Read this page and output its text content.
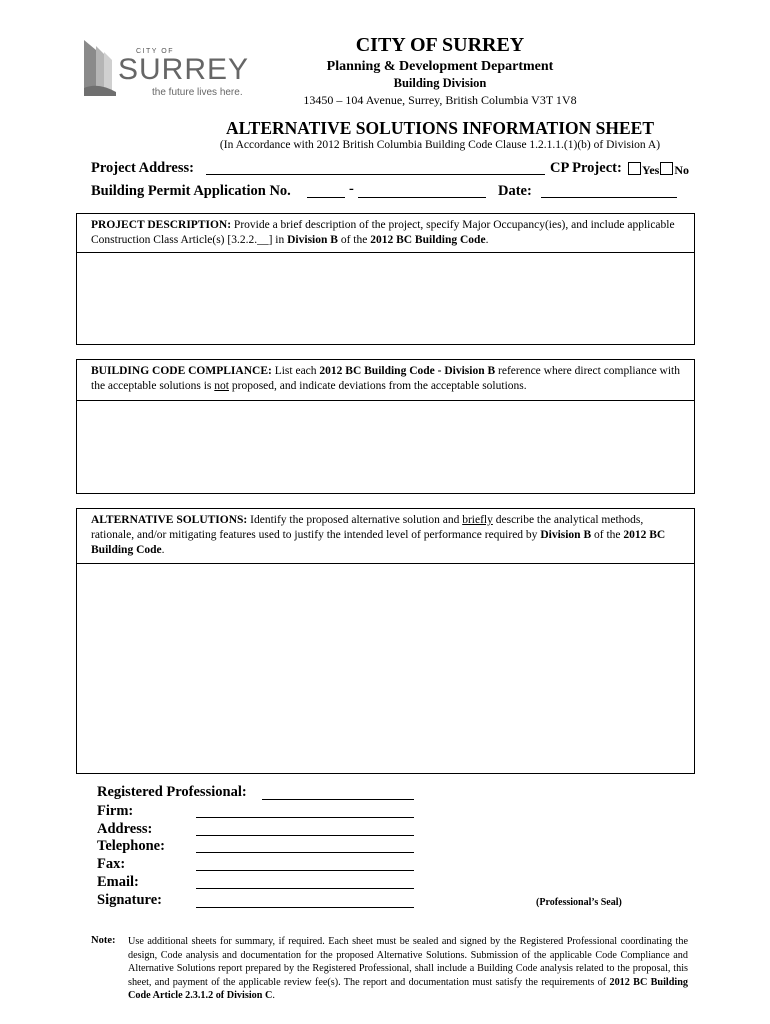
CITY OF
SURREY
the future lives here.
CITY OF SURREY
Planning & Development Department
Building Division
13450 – 104 Avenue, Surrey, British Columbia V3T 1V8
ALTERNATIVE SOLUTIONS INFORMATION SHEET
(In Accordance with 2012 British Columbia Building Code Clause 1.2.1.1.(1)(b) of Division A)
Project Address:	CP Project:	Yes No
Building Permit Application No.	-	Date:
PROJECT DESCRIPTION: Provide a brief description of the project, specify Major Occupancy(ies), and include applicable Construction Class Article(s) [3.2.2.__] in Division B of the 2012 BC Building Code.
BUILDING CODE COMPLIANCE: List each 2012 BC Building Code - Division B reference where direct compliance with the acceptable solutions is not proposed, and indicate deviations from the acceptable solutions.
ALTERNATIVE SOLUTIONS: Identify the proposed alternative solution and briefly describe the analytical methods, rationale, and/or mitigating features used to justify the intended level of performance required by Division B of the 2012 BC Building Code.
Registered Professional:
Firm:
Address:
Telephone:
Fax:
Email:
Signature:	(Professional’s Seal)
Note: Use additional sheets for summary, if required. Each sheet must be sealed and signed by the Registered Professional coordinating the design, Code analysis and documentation for the proposed Alternative Solutions. Submission of the applicable Code Compliance and Alternative Solutions report prepared by the Registered Professional, shall include a Building Code analysis related to the proposal, this sheet, and payment of the applicable review fee(s). The report and documentation must satisfy the requirements of 2012 BC Building Code Article 2.3.1.2 of Division C.
